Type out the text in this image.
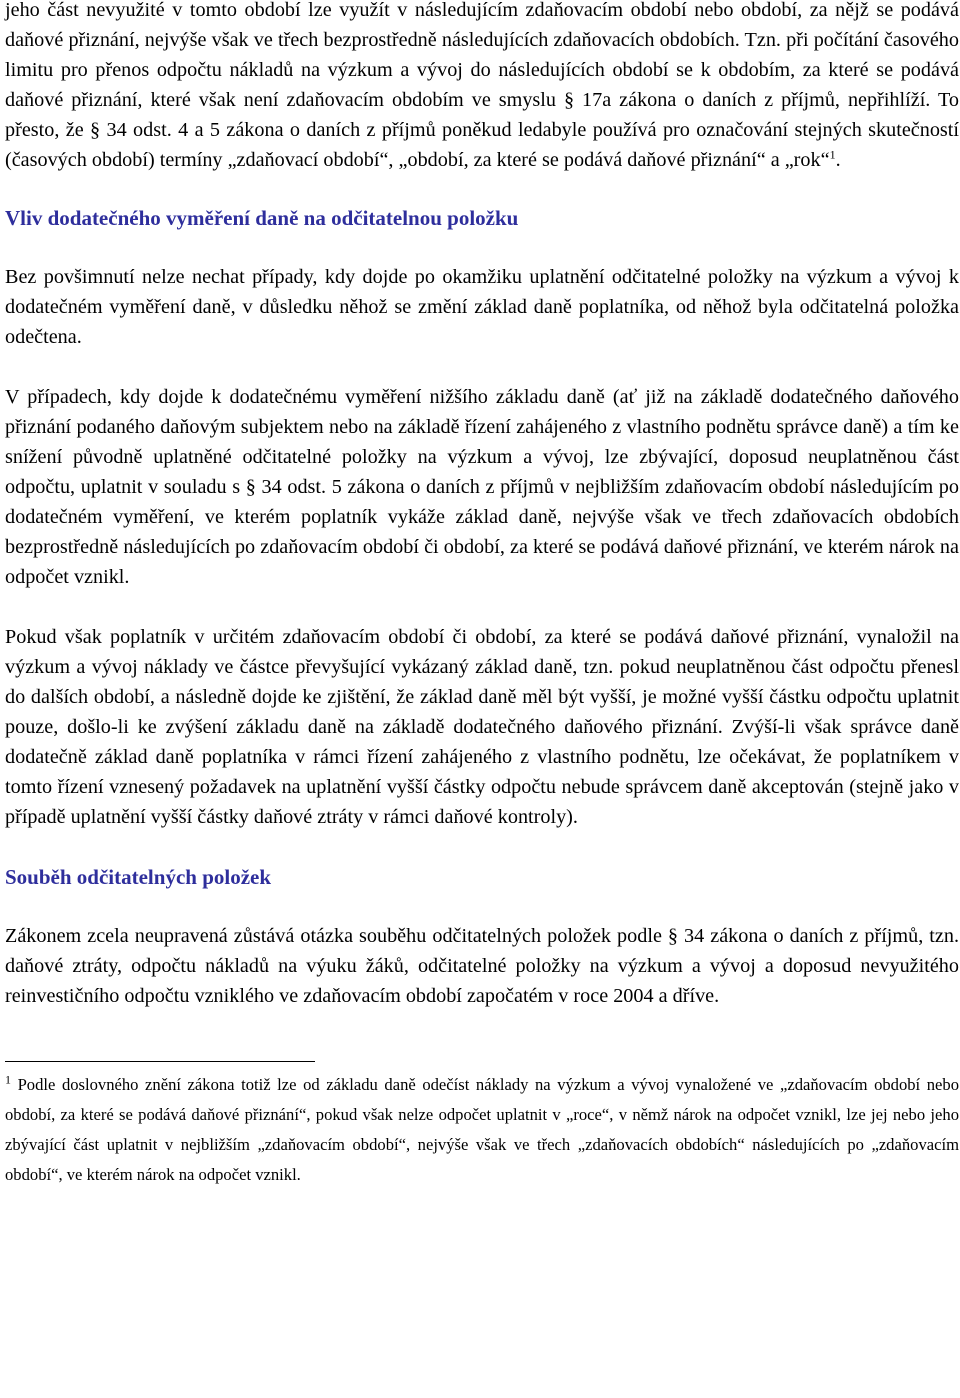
jeho část nevyužité v tomto období lze využít v následujícím zdaňovacím období nebo období, za nějž se podává daňové přiznání, nejvýše však ve třech bezprostředně následujících zdaňovacích obdobích. Tzn. při počítání časového limitu pro přenos odpočtu nákladů na výzkum a vývoj do následujících období se k obdobím, za které se podává daňové přiznání, které však není zdaňovacím obdobím ve smyslu § 17a zákona o daních z příjmů, nepřihlíží. To přesto, že § 34 odst. 4 a 5 zákona o daních z příjmů poněkud ledabyle používá pro označování stejných skutečností (časových období) termíny „zdaňovací období“, „období, za které se podává daňové přiznání“ a „rok“$^1$.

Vliv dodatečného vyměření daně na odčitatelnou položku

Bez povšimnutí nelze nechat případy, kdy dojde po okamžiku uplatnění odčitatelné položky na výzkum a vývoj k dodatečném vyměření daně, v důsledku něhož se změní základ daně poplatníka, od něhož byla odčitatelná položka odečtena.

V případech, kdy dojde k dodatečnému vyměření nižšího základu daně (ať již na základě dodatečného daňového přiznání podaného daňovým subjektem nebo na základě řízení zahájeného z vlastního podnětu správce daně) a tím ke snížení původně uplatněné odčitatelné položky na výzkum a vývoj, lze zbývající, doposud neuplatněnou část odpočtu, uplatnit v souladu s § 34 odst. 5 zákona o daních z příjmů v nejbližším zdaňovacím období následujícím po dodatečném vyměření, ve kterém poplatník vykáže základ daně, nejvýše však ve třech zdaňovacích obdobích bezprostředně následujících po zdaňovacím období či období, za které se podává daňové přiznání, ve kterém nárok na odpočet vznikl.

Pokud však poplatník v určitém zdaňovacím období či období, za které se podává daňové přiznání, vynaložil na výzkum a vývoj náklady ve částce převyšující vykázaný základ daně, tzn. pokud neuplatněnou část odpočtu přenesl do dalších období, a následně dojde ke zjištění, že základ daně měl být vyšší, je možné vyšší částku odpočtu uplatnit pouze, došlo-li ke zvýšení základu daně na základě dodatečného daňového přiznání. Zvýší-li však správce daně dodatečně základ daně poplatníka v rámci řízení zahájeného z vlastního podnětu, lze očekávat, že poplatníkem v tomto řízení vznesený požadavek na uplatnění vyšší částky odpočtu nebude správcem daně akceptován (stejně jako v případě uplatnění vyšší částky daňové ztráty v rámci daňové kontroly).

Souběh odčitatelných položek

Zákonem zcela neupravená zůstává otázka souběhu odčitatelných položek podle § 34 zákona o daních z příjmů, tzn. daňové ztráty, odpočtu nákladů na výuku žáků, odčitatelné položky na výzkum a vývoj a doposud nevyužitého reinvestičního odpočtu vzniklého ve zdaňovacím období započatém v roce 2004 a dříve.

$^1$ Podle doslovného znění zákona totiž lze od základu daně odečíst náklady na výzkum a vývoj vynaložené ve „zdaňovacím období nebo období, za které se podává daňové přiznání“, pokud však nelze odpočet uplatnit v „roce“, v němž nárok na odpočet vznikl, lze jej nebo jeho zbývající část uplatnit v nejbližším „zdaňovacím období“, nejvýše však ve třech „zdaňovacích obdobích“ následujících po „zdaňovacím období“, ve kterém nárok na odpočet vznikl.
